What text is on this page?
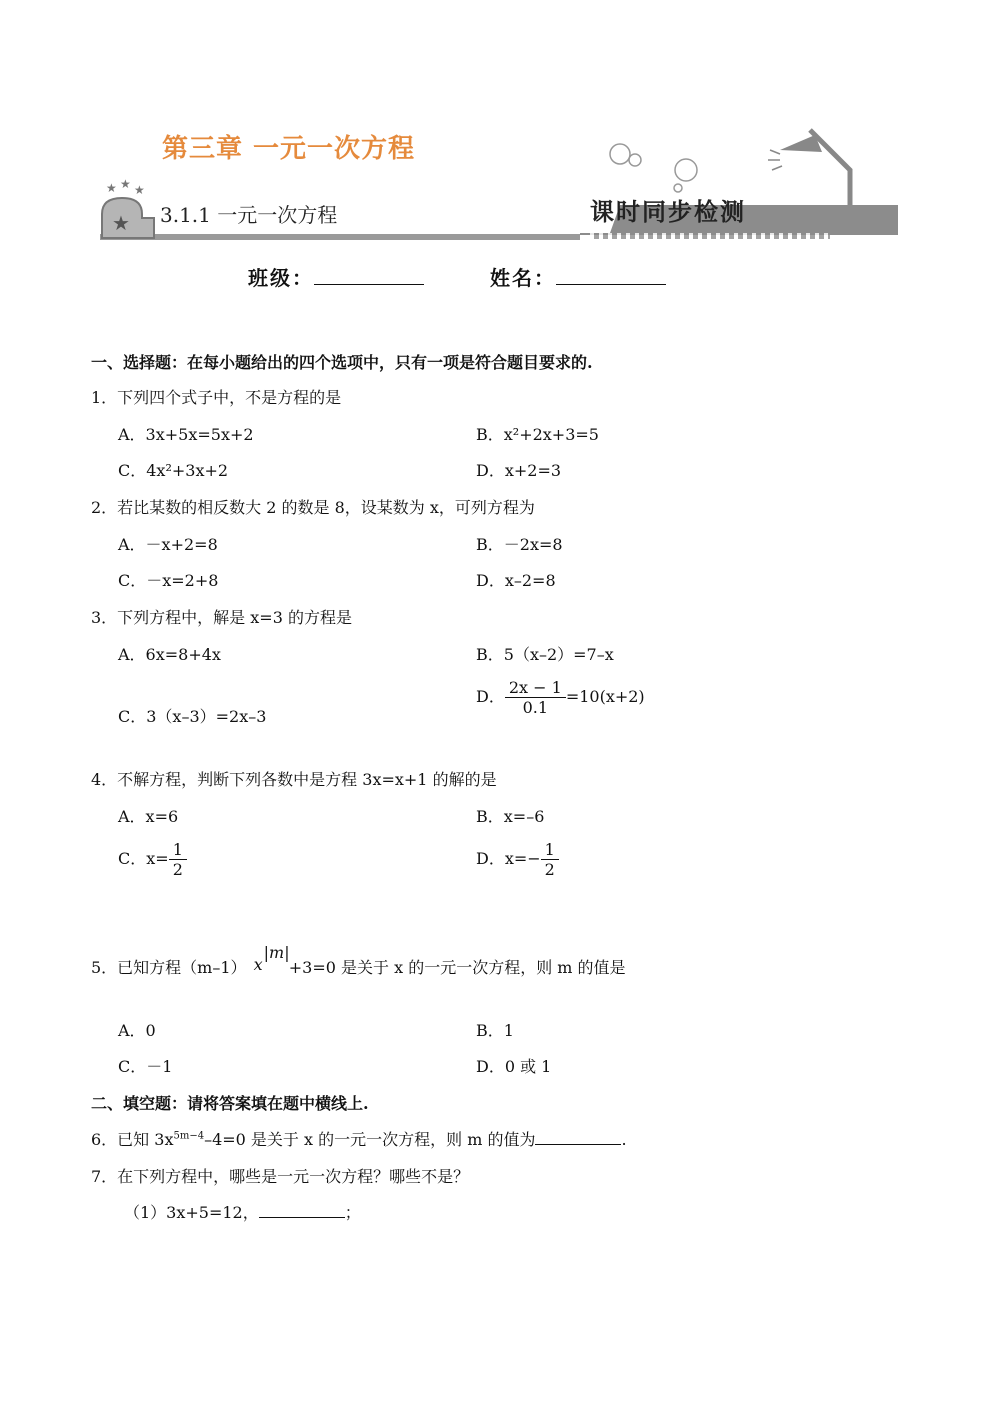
★ ★ ★
★
第三章 一元一次方程
3.1.1 一元一次方程	课时同步检测
班级：	姓名：
一、选择题：在每小题给出的四个选项中，只有一项是符合题目要求的.
1．下列四个式子中，不是方程的是
A．3x+5x=5x+2	B．x²+2x+3=5
C．4x²+3x+2	D．x+2=3
2．若比某数的相反数大 2 的数是 8，设某数为 x，可列方程为
A．－x+2=8	B．－2x=8
C．－x=2+8	D．x–2=8
3．下列方程中，解是 x=3 的方程是
A．6x=8+4x	B．5（x–2）=7–x
C．3（x–3）=2x–3
D． $\frac{2x - 1}{0.1} =10(x+2)$
4．不解方程，判断下列各数中是方程 3x=x+1 的解的是
A．x=6	B．x=–6
C．$x= \frac{1}{2}$	D．$x=- \frac{1}{2}$
5．已知方程（m–1） x
|m|
+3=0 是关于 x 的一元一次方程，则 m 的值是
A．0	B．1
C．－1	D．0 或 1
二、填空题：请将答案填在题中横线上.
6．已知 $3x^{5m-4}-4=0$ 是关于 x 的一元一次方程，则 m 的值为	.
7．在下列方程中，哪些是一元一次方程？哪些不是？
（1）3x+5=12，	；
